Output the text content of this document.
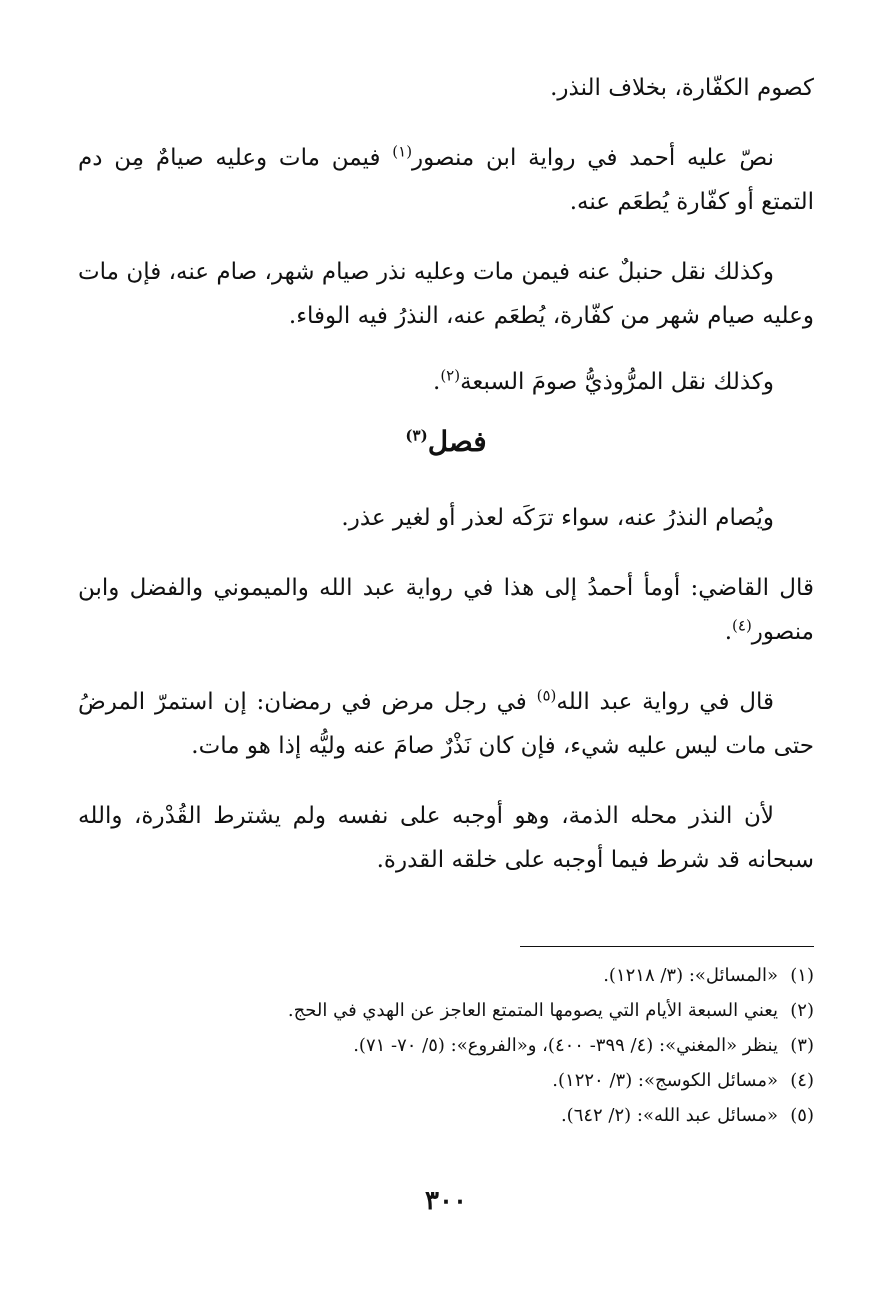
كصوم الكفّارة، بخلاف النذر.

نصّ عليه أحمد في رواية ابن منصور$^{(١)}$ فيمن مات وعليه صيامٌ مِن دم التمتع أو كفّارة يُطعَم عنه.

وكذلك نقل حنبلٌ عنه فيمن مات وعليه نذر صيام شهر، صام عنه، فإن مات وعليه صيام شهر من كفّارة، يُطعَم عنه، النذرُ فيه الوفاء.

وكذلك نقل المرُّوذيُّ صومَ السبعة$^{(٢)}$.

فصل$^{(٣)}$

ويُصام النذرُ عنه، سواء ترَكَه لعذر أو لغير عذر.

قال القاضي: أومأ أحمدُ إلى هذا في رواية عبد الله والميموني والفضل وابن منصور$^{(٤)}$.

قال في رواية عبد الله$^{(٥)}$ في رجل مرض في رمضان: إن استمرّ المرضُ حتى مات ليس عليه شيء، فإن كان نَذْرٌ صامَ عنه وليُّه إذا هو مات.

لأن النذر محله الذمة، وهو أوجبه على نفسه ولم يشترط القُدْرة، والله سبحانه قد شرط فيما أوجبه على خلقه القدرة.

(١)«المسائل»: (٣/ ١٢١٨).

(٢)يعني السبعة الأيام التي يصومها المتمتع العاجز عن الهدي في الحج.

(٣)ينظر «المغني»: (٤/ ٣٩٩- ٤٠٠)، و«الفروع»: (٥/ ٧٠- ٧١).

(٤)«مسائل الكوسج»: (٣/ ١٢٢٠).

(٥)«مسائل عبد الله»: (٢/ ٦٤٢).

٣٠٠
